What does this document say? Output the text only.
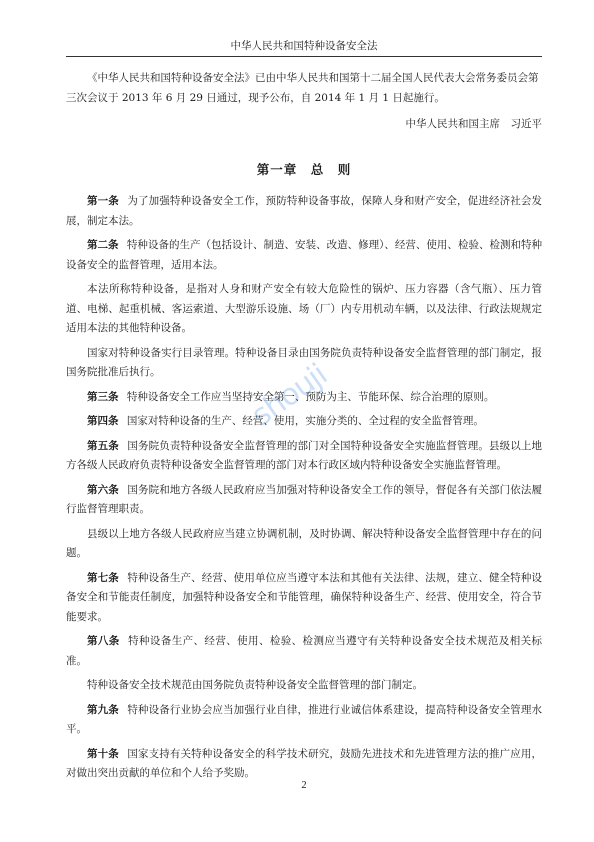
中华人民共和国特种设备安全法

《中华人民共和国特种设备安全法》已由中华人民共和国第十二届全国人民代表大会常务委员会第三次会议于 2013 年 6 月 29 日通过，现予公布，自 2014 年 1 月 1 日起施行。

中华人民共和国主席　习近平
第一章　总　则

第一条 为了加强特种设备安全工作，预防特种设备事故，保障人身和财产安全，促进经济社会发展，制定本法。

第二条 特种设备的生产（包括设计、制造、安装、改造、修理）、经营、使用、检验、检测和特种设备安全的监督管理，适用本法。

本法所称特种设备，是指对人身和财产安全有较大危险性的锅炉、压力容器（含气瓶）、压力管道、电梯、起重机械、客运索道、大型游乐设施、场（厂）内专用机动车辆，以及法律、行政法规规定适用本法的其他特种设备。

国家对特种设备实行目录管理。特种设备目录由国务院负责特种设备安全监督管理的部门制定，报国务院批准后执行。

第三条 特种设备安全工作应当坚持安全第一、预防为主、节能环保、综合治理的原则。

第四条 国家对特种设备的生产、经营、使用，实施分类的、全过程的安全监督管理。

第五条 国务院负责特种设备安全监督管理的部门对全国特种设备安全实施监督管理。县级以上地方各级人民政府负责特种设备安全监督管理的部门对本行政区域内特种设备安全实施监督管理。

第六条 国务院和地方各级人民政府应当加强对特种设备安全工作的领导，督促各有关部门依法履行监督管理职责。

县级以上地方各级人民政府应当建立协调机制，及时协调、解决特种设备安全监督管理中存在的问题。

第七条 特种设备生产、经营、使用单位应当遵守本法和其他有关法律、法规，建立、健全特种设备安全和节能责任制度，加强特种设备安全和节能管理，确保特种设备生产、经营、使用安全，符合节能要求。

第八条 特种设备生产、经营、使用、检验、检测应当遵守有关特种设备安全技术规范及相关标准。

特种设备安全技术规范由国务院负责特种设备安全监督管理的部门制定。

第九条 特种设备行业协会应当加强行业自律，推进行业诚信体系建设，提高特种设备安全管理水平。

第十条 国家支持有关特种设备安全的科学技术研究，鼓励先进技术和先进管理方法的推广应用，对做出突出贡献的单位和个人给予奖励。

shouji
2
